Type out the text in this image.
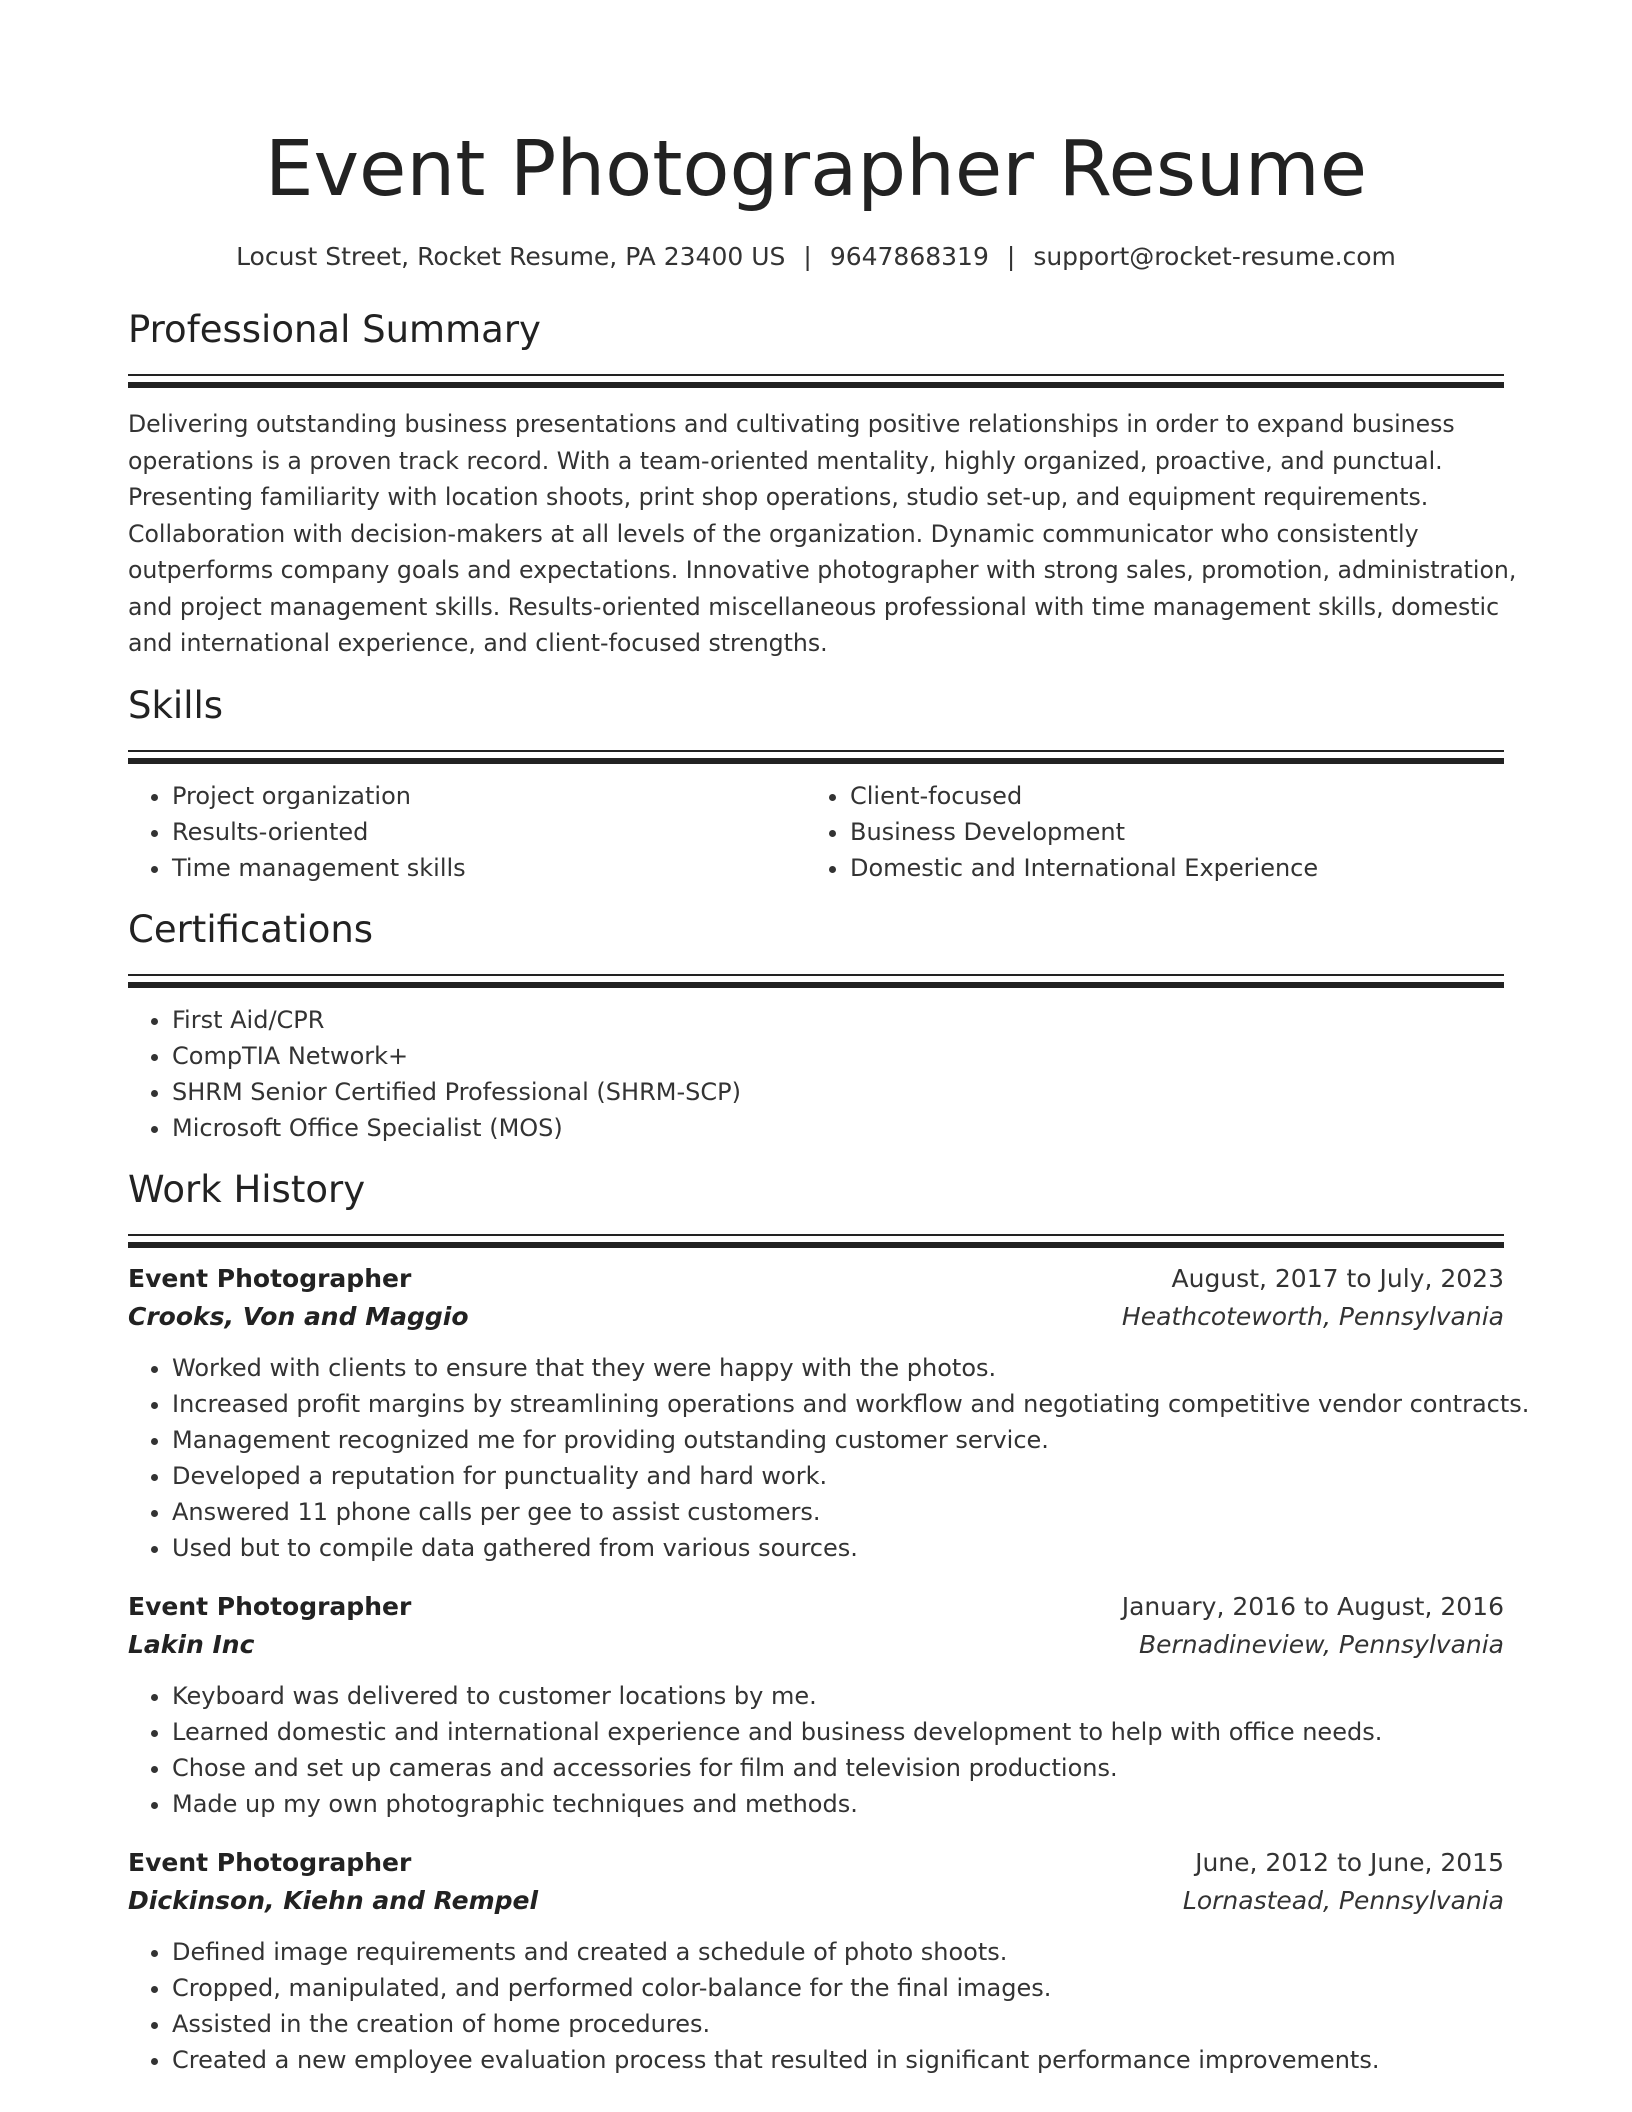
Event Photographer Resume
Locust Street, Rocket Resume, PA 23400 US | 9647868319 | support@rocket-resume.com
Professional Summary
Delivering outstanding business presentations and cultivating positive relationships in order to expand business
operations is a proven track record. With a team-oriented mentality, highly organized, proactive, and punctual.
Presenting familiarity with location shoots, print shop operations, studio set-up, and equipment requirements.
Collaboration with decision-makers at all levels of the organization. Dynamic communicator who consistently
outperforms company goals and expectations. Innovative photographer with strong sales, promotion, administration,
and project management skills. Results-oriented miscellaneous professional with time management skills, domestic
and international experience, and client-focused strengths.
Skills
• Project organization
• Results-oriented
• Time management skills
• Client-focused
• Business Development
• Domestic and International Experience
Certifications
• First Aid/CPR
• CompTIA Network+
• SHRM Senior Certified Professional (SHRM-SCP)
• Microsoft Office Specialist (MOS)
Work History
Event Photographer	August, 2017 to July, 2023
Crooks, Von and Maggio	Heathcoteworth, Pennsylvania
• Worked with clients to ensure that they were happy with the photos.
• Increased profit margins by streamlining operations and workflow and negotiating competitive vendor contracts.
• Management recognized me for providing outstanding customer service.
• Developed a reputation for punctuality and hard work.
• Answered 11 phone calls per gee to assist customers.
• Used but to compile data gathered from various sources.
Event Photographer	January, 2016 to August, 2016
Lakin Inc	Bernadineview, Pennsylvania
• Keyboard was delivered to customer locations by me.
• Learned domestic and international experience and business development to help with office needs.
• Chose and set up cameras and accessories for film and television productions.
• Made up my own photographic techniques and methods.
Event Photographer	June, 2012 to June, 2015
Dickinson, Kiehn and Rempel	Lornastead, Pennsylvania
• Defined image requirements and created a schedule of photo shoots.
• Cropped, manipulated, and performed color-balance for the final images.
• Assisted in the creation of home procedures.
• Created a new employee evaluation process that resulted in significant performance improvements.
